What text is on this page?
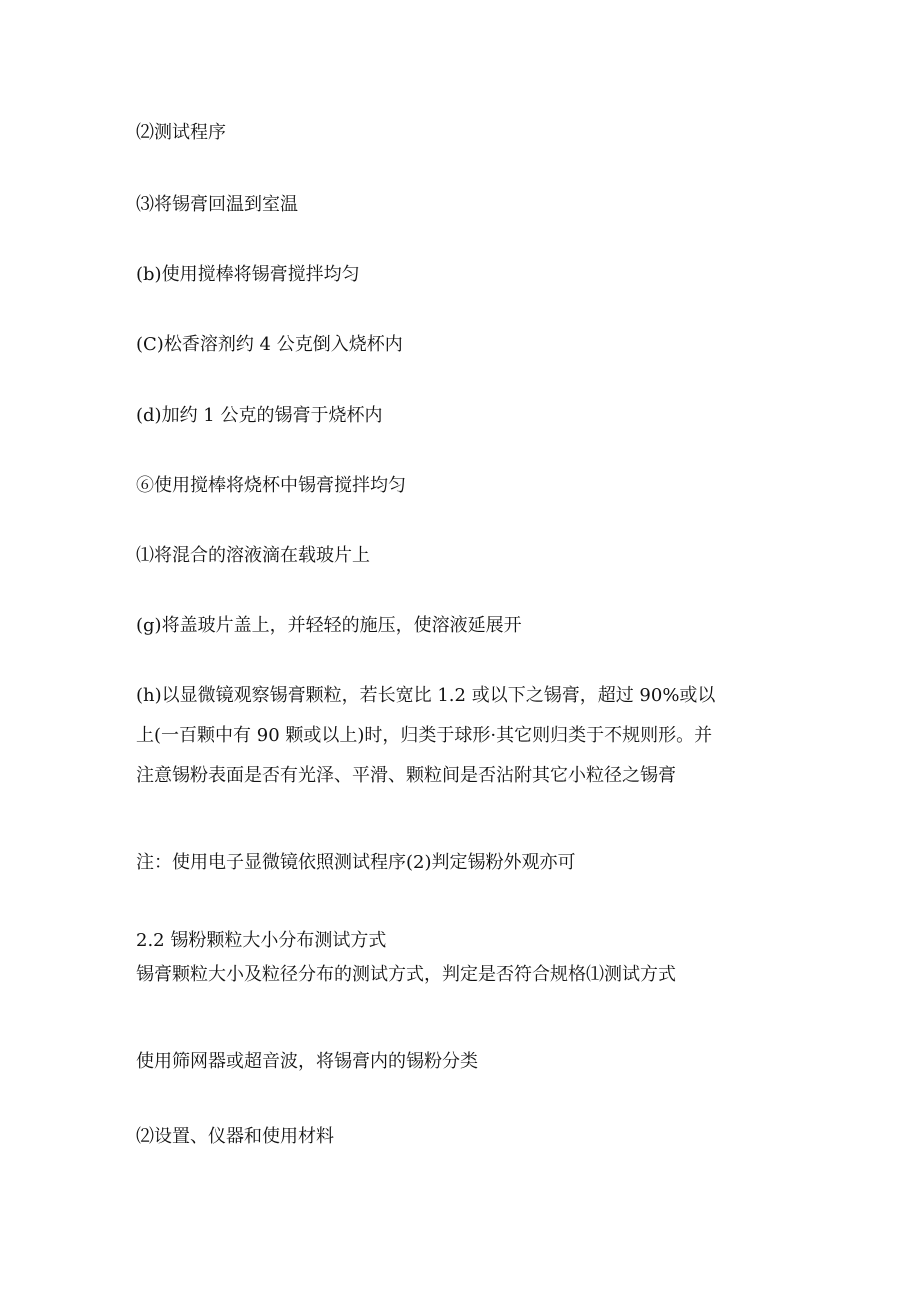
⑵测试程序
⑶将锡膏回温到室温
(b)使用搅棒将锡膏搅拌均匀
(C)松香溶剂约 4 公克倒入烧杯内
(d)加约 1 公克的锡膏于烧杯内
⑥使用搅棒将烧杯中锡膏搅拌均匀
⑴将混合的溶液滴在载玻片上
(g)将盖玻片盖上，并轻轻的施压，使溶液延展开
(h)以显微镜观察锡膏颗粒，若长宽比 1.2 或以下之锡膏，超过 90%或以
上(一百颗中有 90 颗或以上)时，归类于球形·其它则归类于不规则形。并
注意锡粉表面是否有光泽、平滑、颗粒间是否沾附其它小粒径之锡膏
注：使用电子显微镜依照测试程序(2)判定锡粉外观亦可
2.2 锡粉颗粒大小分布测试方式
锡膏颗粒大小及粒径分布的测试方式，判定是否符合规格⑴测试方式
使用筛网器或超音波，将锡膏内的锡粉分类
⑵设置、仪器和使用材料
